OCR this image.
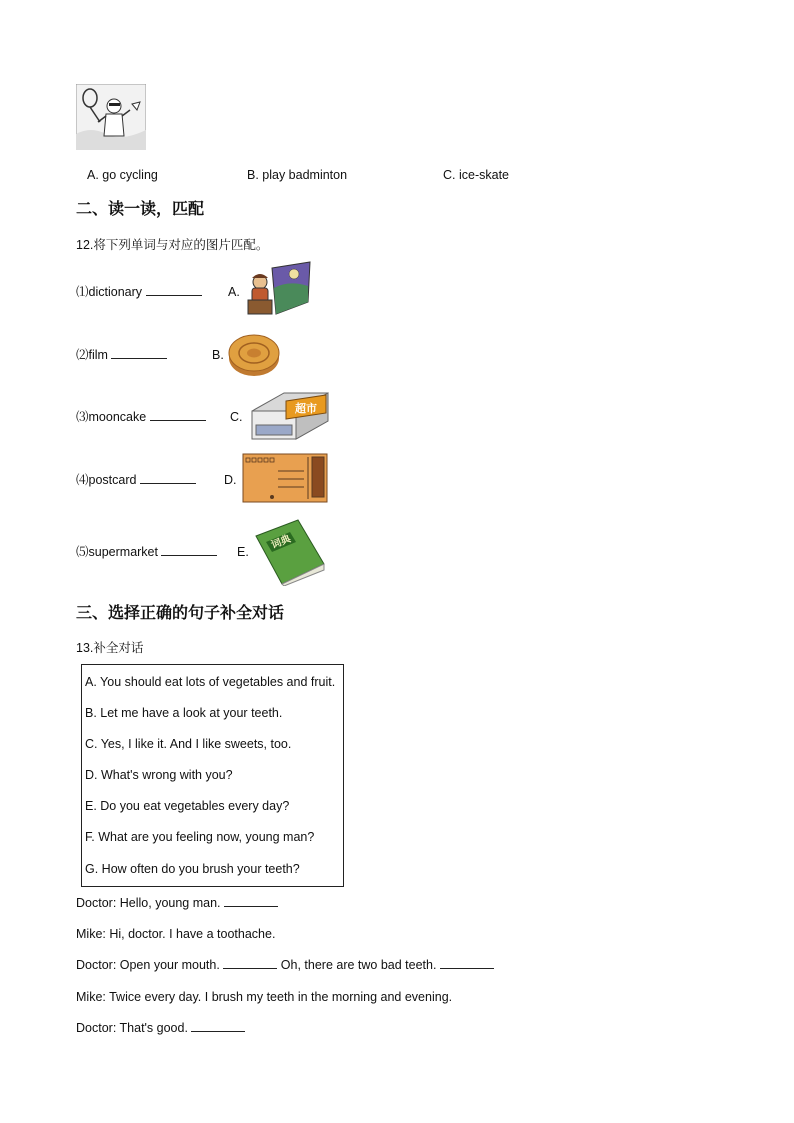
A. go cycling	B. play badminton	C. ice-skate
二、读一读，匹配
12.将下列单词与对应的图片匹配。
⑴dictionary	A.
⑵film	B.
⑶mooncake	C.
超市
⑷postcard	D.
⑸supermarket	E.
词典
三、选择正确的句子补全对话
13.补全对话
A. You should eat lots of vegetables and fruit.
B. Let me have a look at your teeth.
C. Yes, I like it. And I like sweets, too.
D. What's wrong with you?
E. Do you eat vegetables every day?
F. What are you feeling now, young man?
G. How often do you brush your teeth?
Doctor: Hello, young man.
Mike: Hi, doctor. I have a toothache.
Doctor: Open your mouth.	Oh, there are two bad teeth.
Mike: Twice every day. I brush my teeth in the morning and evening.
Doctor: That's good.
